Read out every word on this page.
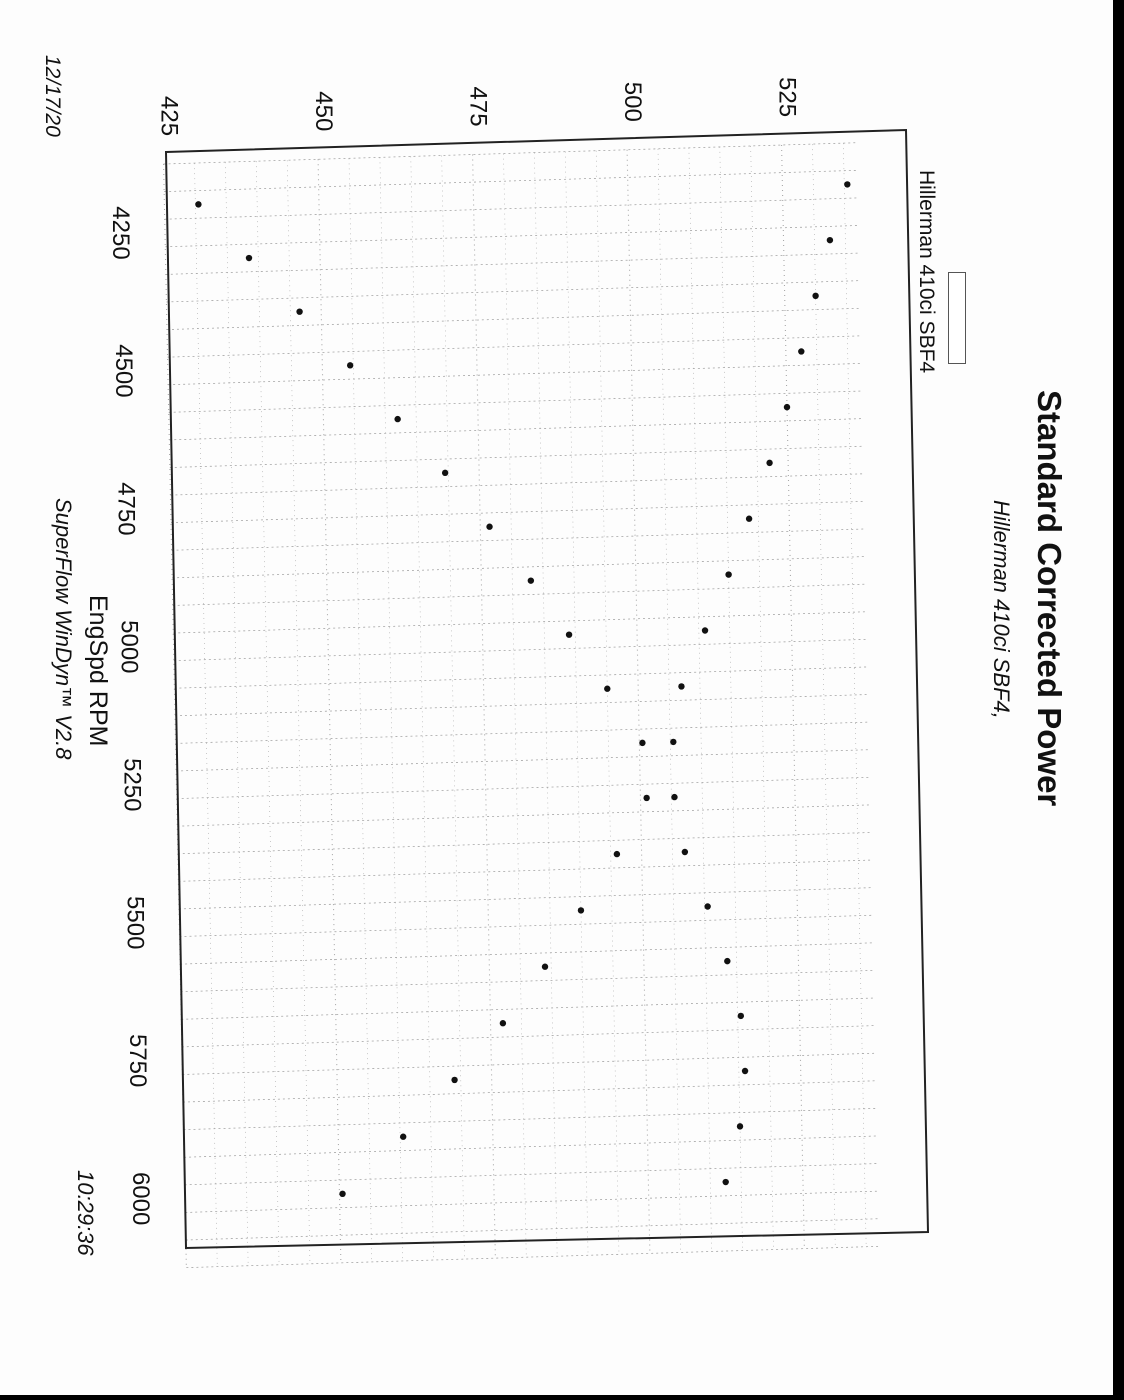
4250
4500
4750
5000
5250
5500
5750
6000
425	450	475	500	525
Standard Corrected Power
Hillerman 410ci SBF4,
Hillerman 410ci SBF4
EngSpd RPM
SuperFlow WinDyn™ V2.8
12/17/20
10:29:36
